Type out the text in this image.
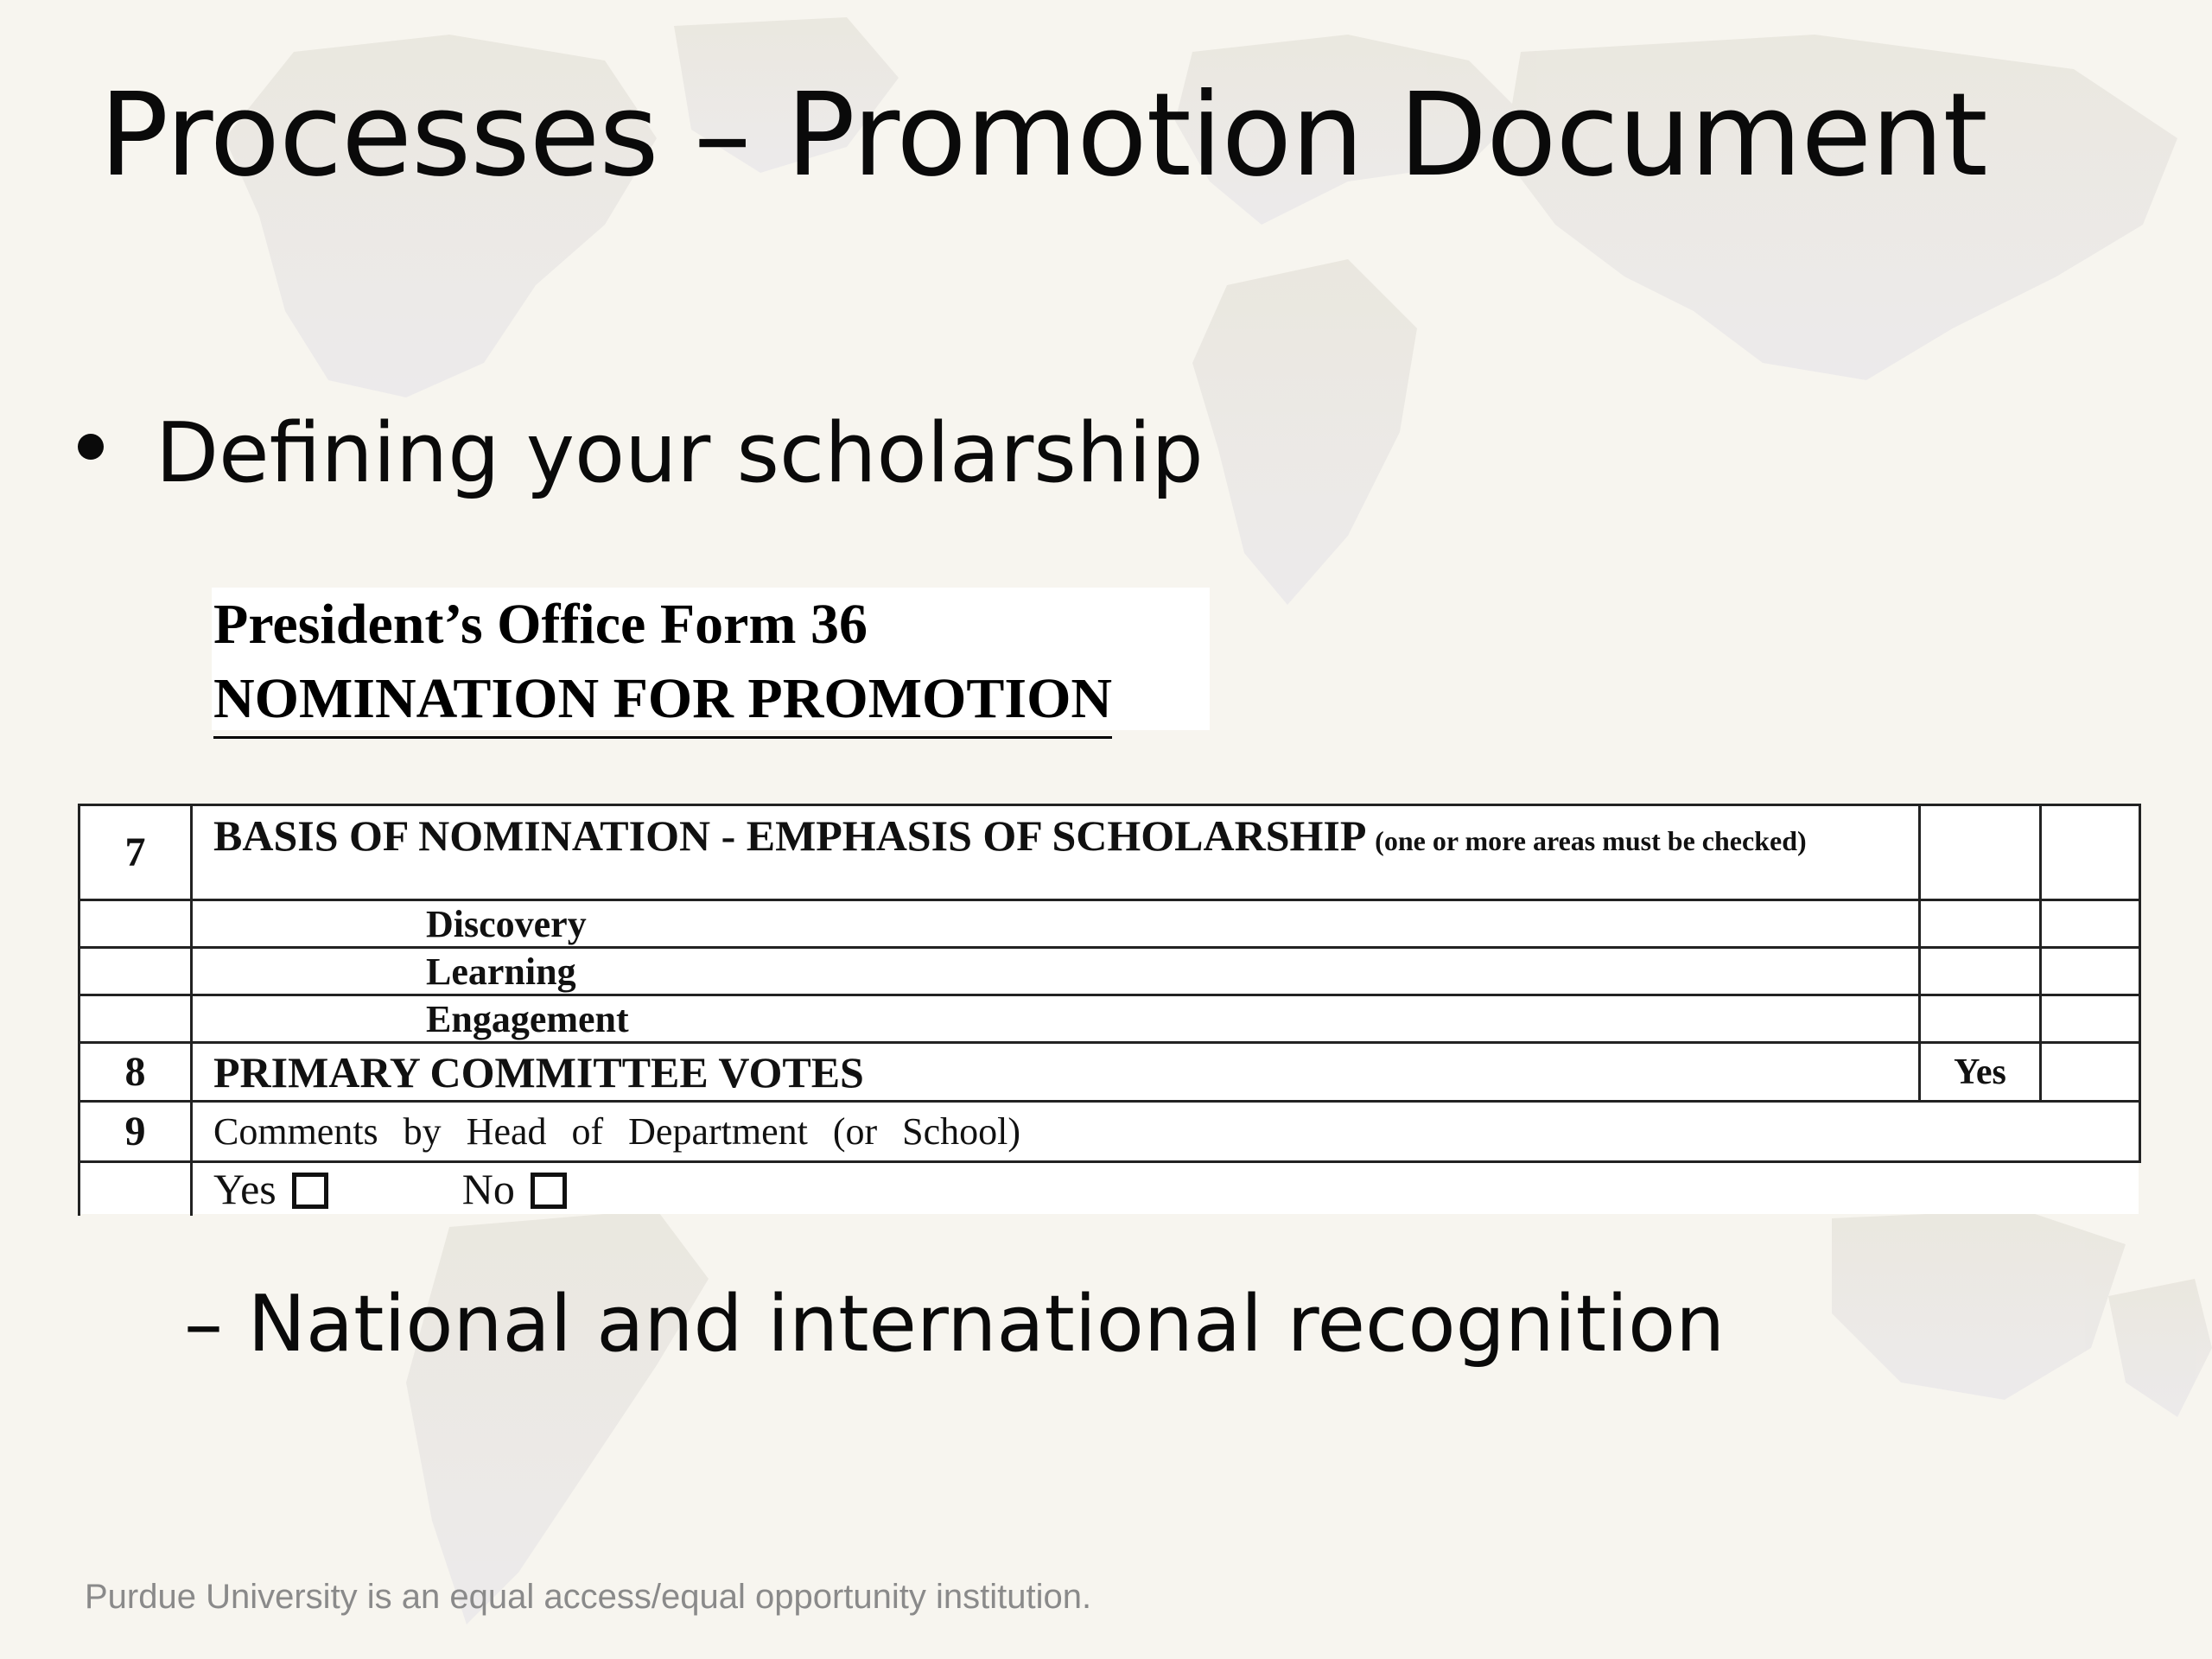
Processes – Promotion Document
Defining your scholarship
President’s Office Form 36
NOMINATION FOR PROMOTION
7	BASIS OF NOMINATION - EMPHASIS OF SCHOLARSHIP (one or more areas must be checked)		
	Discovery		
	Learning		
	Engagement		
8	PRIMARY COMMITTEE VOTES	Yes	
9	Comments by Head of Department (or School)		
	Yes No		
– National and international recognition
Purdue University is an equal access/equal opportunity institution.
